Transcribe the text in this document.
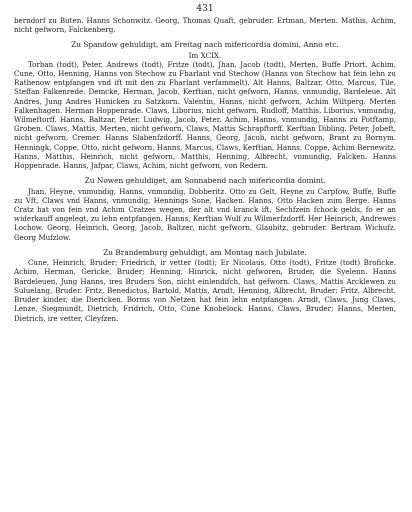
431

berndorf zu Buten. Hanns Schonwitz. Georg, Thomas Quaft, gebruder. Ertman, Merten. Mathis, Achim, nicht gefworn, Falckenberg.

Zu Spandow gehuldigt, am Freitag nach mifericordia domini, Anno etc.
Im XCIX.

Torban (todt), Peter, Andrews (todt), Fritze (todt), Jhan, Jacob (todt), Merten, Buffe Priort. Achim, Cune, Otto, Henning, Hanns von Stechow zu Fharlant vnd Stechow (Hanns von Stechow hat fein lehn zu Rathenow entpfangen vnd ift mit den zu Fharlant verfammelt). Alt Hanns, Baltzar, Otto, Marcus, Tile, Steffan Falkenrede. Demcke, Herman, Jacob, Kerftian, nicht gefworn, Hanns, vnmundig, Bardeleue. Alt Andres, Jung Andres Hunicken zu Satzkorn. Valentin, Hanns, nicht gefworn, Achim Wiltperg. Merten Falkenhagen. Herman Hoppenrade. Claws, Liborius, nicht gefworn, Rudloff, Matthis, Liborius, vnmundig, Wilmeftorff. Hanns, Baltzar, Peter, Ludwig, Jacob, Peter, Achim, Hanns, vnmundig, Hanns zu Potftamp, Groben. Claws, Mattis, Merten, nicht gefworn, Claws, Mattis Schrapftorff. Kerftian Dibling. Peter, Jobeft, nicht gefworn, Cremer. Hanns Slabenfzdorff. Hanns, Georg, Jacob, nicht gefworn, Brant zu Bornym. Henningk, Coppe, Otto, nicht gefworn, Hanns, Marcus, Claws, Kerftian, Hanns, Coppe, Achim Bernewitz. Hanns, Matthis, Heinrich, nicht gefworn, Matthis, Henning, Albrecht, vnmundig, Falcken. Hanns Hoppenrade. Hanns, Jafpar, Claws, Achim, nicht gefworn, von Redern.

Zu Nowen gehuldiget, am Sonnabend nach mifericordia domini.

Jhan, Heyne, vnmundig, Hanns, vnmundig, Dobberitz. Otto zu Gelt, Heyne zu Carpfow, Buffe, Buffe zu Vft, Claws vnd Hanns, vnmundig, Hennings Sone, Hacken. Hanns, Otto Hacken zum Berge. Hanns Cratz hat von fein vnd Achim Cratzes wegen, der alt vnd kranck ift, Sechfzein fchock gelds, fo er an widerkauff angelegt, zu lehn entpfangen. Hanns, Kerftian Wulf zu Wilmerfzdorff. Her Heinrich, Andrewes Lochow. Georg, Heinrich, Georg, Jacob, Baltzer, nicht gefworn, Glaubitz, gebruder. Bertram Wichufz. Georg Mufzlow.

Zu Brandemburg gehuldigt, am Montag nach Jubilate.

Cune, Heinrich, Bruder; Friedrich, ir vetter (todt); Er Nicolaus, Otto (todt), Fritze (todt) Broficke. Achim, Herman, Gericke, Bruder; Henning, Hinrick, nicht gefworen, Bruder, die Syelenn. Hanns Bardeleuen, Jung Hanns, ires Bruders Son, nicht einlendifch, hat gefworn. Claws, Mattis Arcklewen zu Suluelang, Bruder. Fritz, Benedictus, Bartold, Mattis, Arndt, Henning, Albrecht, Bruder; Fritz, Albrecht, Bruder kinder, die Diericken. Borms von Netzen hat fein lehn entpfangen. Arndt, Claws, Jung Claws, Lenze, Siegmundt, Dietrich, Fridrich, Otto, Cune Knobelock. Hanns, Claws, Bruder; Hanns, Merten, Dietrich, ire vetter, Cleyfzen.
